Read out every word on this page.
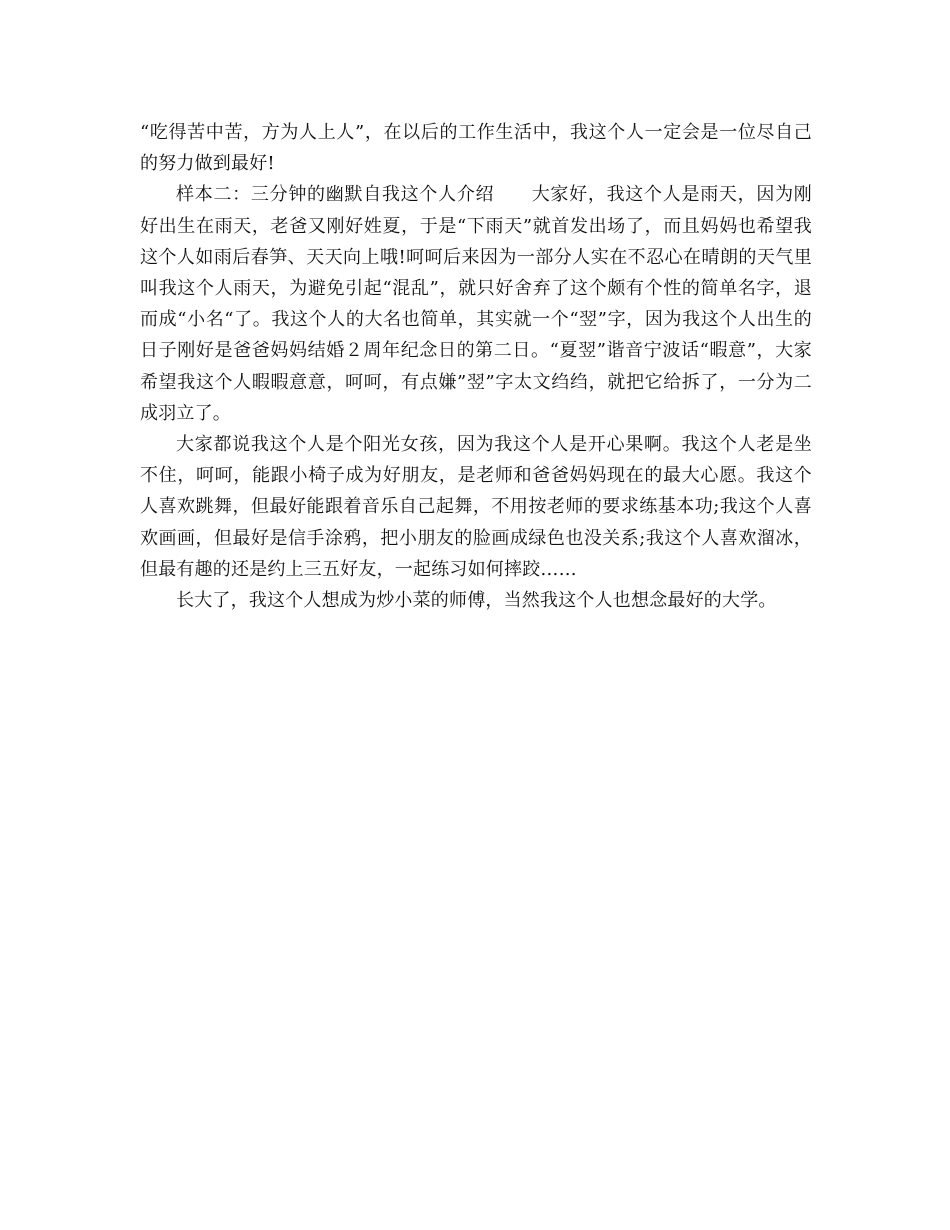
“吃得苦中苦，方为人上人”，在以后的工作生活中，我这个人一定会是一位尽自己的努力做到最好!

样本二：三分钟的幽默自我这个人介绍　　大家好，我这个人是雨天，因为刚好出生在雨天，老爸又刚好姓夏，于是“下雨天”就首发出场了，而且妈妈也希望我这个人如雨后春笋、天天向上哦!呵呵后来因为一部分人实在不忍心在晴朗的天气里叫我这个人雨天，为避免引起“混乱”，就只好舍弃了这个颇有个性的简单名字，退而成“小名“了。我这个人的大名也简单，其实就一个“翌”字，因为我这个人出生的日子刚好是爸爸妈妈结婚２周年纪念日的第二日。“夏翌”谐音宁波话“暇意”，大家希望我这个人暇暇意意，呵呵，有点嫌”翌”字太文绉绉，就把它给拆了，一分为二成羽立了。

大家都说我这个人是个阳光女孩，因为我这个人是开心果啊。我这个人老是坐不住，呵呵，能跟小椅子成为好朋友，是老师和爸爸妈妈现在的最大心愿。我这个人喜欢跳舞，但最好能跟着音乐自己起舞，不用按老师的要求练基本功;我这个人喜欢画画，但最好是信手涂鸦，把小朋友的脸画成绿色也没关系;我这个人喜欢溜冰，但最有趣的还是约上三五好友，一起练习如何摔跤……

长大了，我这个人想成为炒小菜的师傅，当然我这个人也想念最好的大学。
